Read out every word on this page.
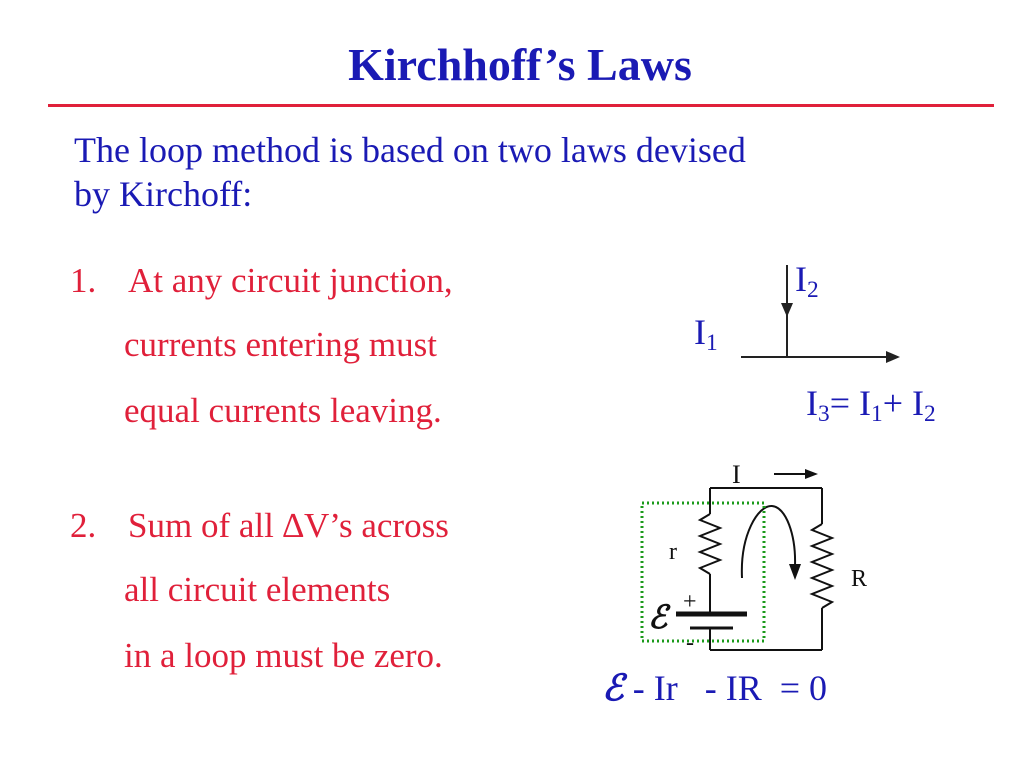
Kirchhoff’s Laws
The loop method is based on two laws devised
by Kirchoff:
1. At any circuit junction,
currents entering must
equal currents leaving.
2. Sum of all ∆V’s across
all circuit elements
in a loop must be zero.
$I_2$
$I_1$
$I_3= I_1+ I_2$
I
r
R
ℰ +
-
ℰ - Ir   - IR  = 0
